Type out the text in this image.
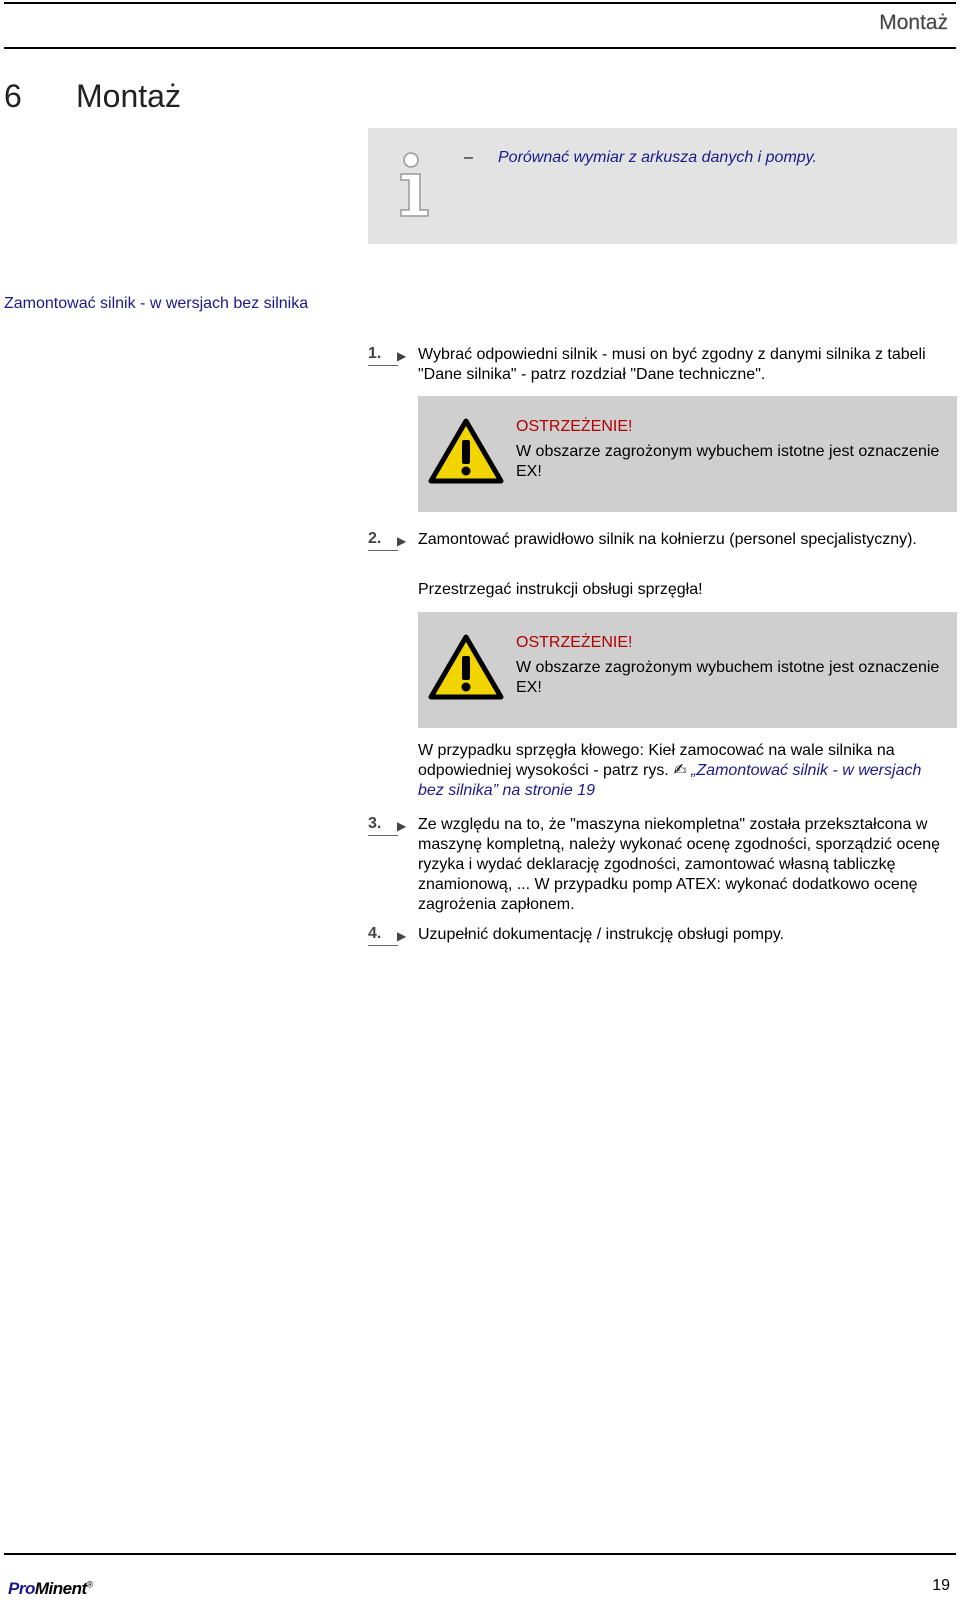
Montaż
6 Montaż
– Porównać wymiar z arkusza danych i pompy.
Zamontować silnik - w wersjach bez silnika
1.	▶ Wybrać odpowiedni silnik - musi on być zgodny z danymi silnika z tabeli "Dane silnika" - patrz rozdział "Dane techniczne".
OSTRZEŻENIE!
W obszarze zagrożonym wybuchem istotne jest oznaczenie EX!
2.	▶ Zamontować prawidłowo silnik na kołnierzu (personel specjalistyczny).
Przestrzegać instrukcji obsługi sprzęgła!
OSTRZEŻENIE!
W obszarze zagrożonym wybuchem istotne jest oznaczenie EX!
W przypadku sprzęgła kłowego: Kieł zamocować na wale silnika na odpowiedniej wysokości - patrz rys. ✍ „Zamontować silnik - w wersjach bez silnika” na stronie 19
3.	▶ Ze względu na to, że "maszyna niekompletna" została przekształcona w maszynę kompletną, należy wykonać ocenę zgodności, sporządzić ocenę ryzyka i wydać deklarację zgodności, zamontować własną tabliczkę znamionową, ... W przypadku pomp ATEX: wykonać dodatkowo ocenę zagrożenia zapłonem.
4.	▶ Uzupełnić dokumentację / instrukcję obsługi pompy.
ProMinent®	19
